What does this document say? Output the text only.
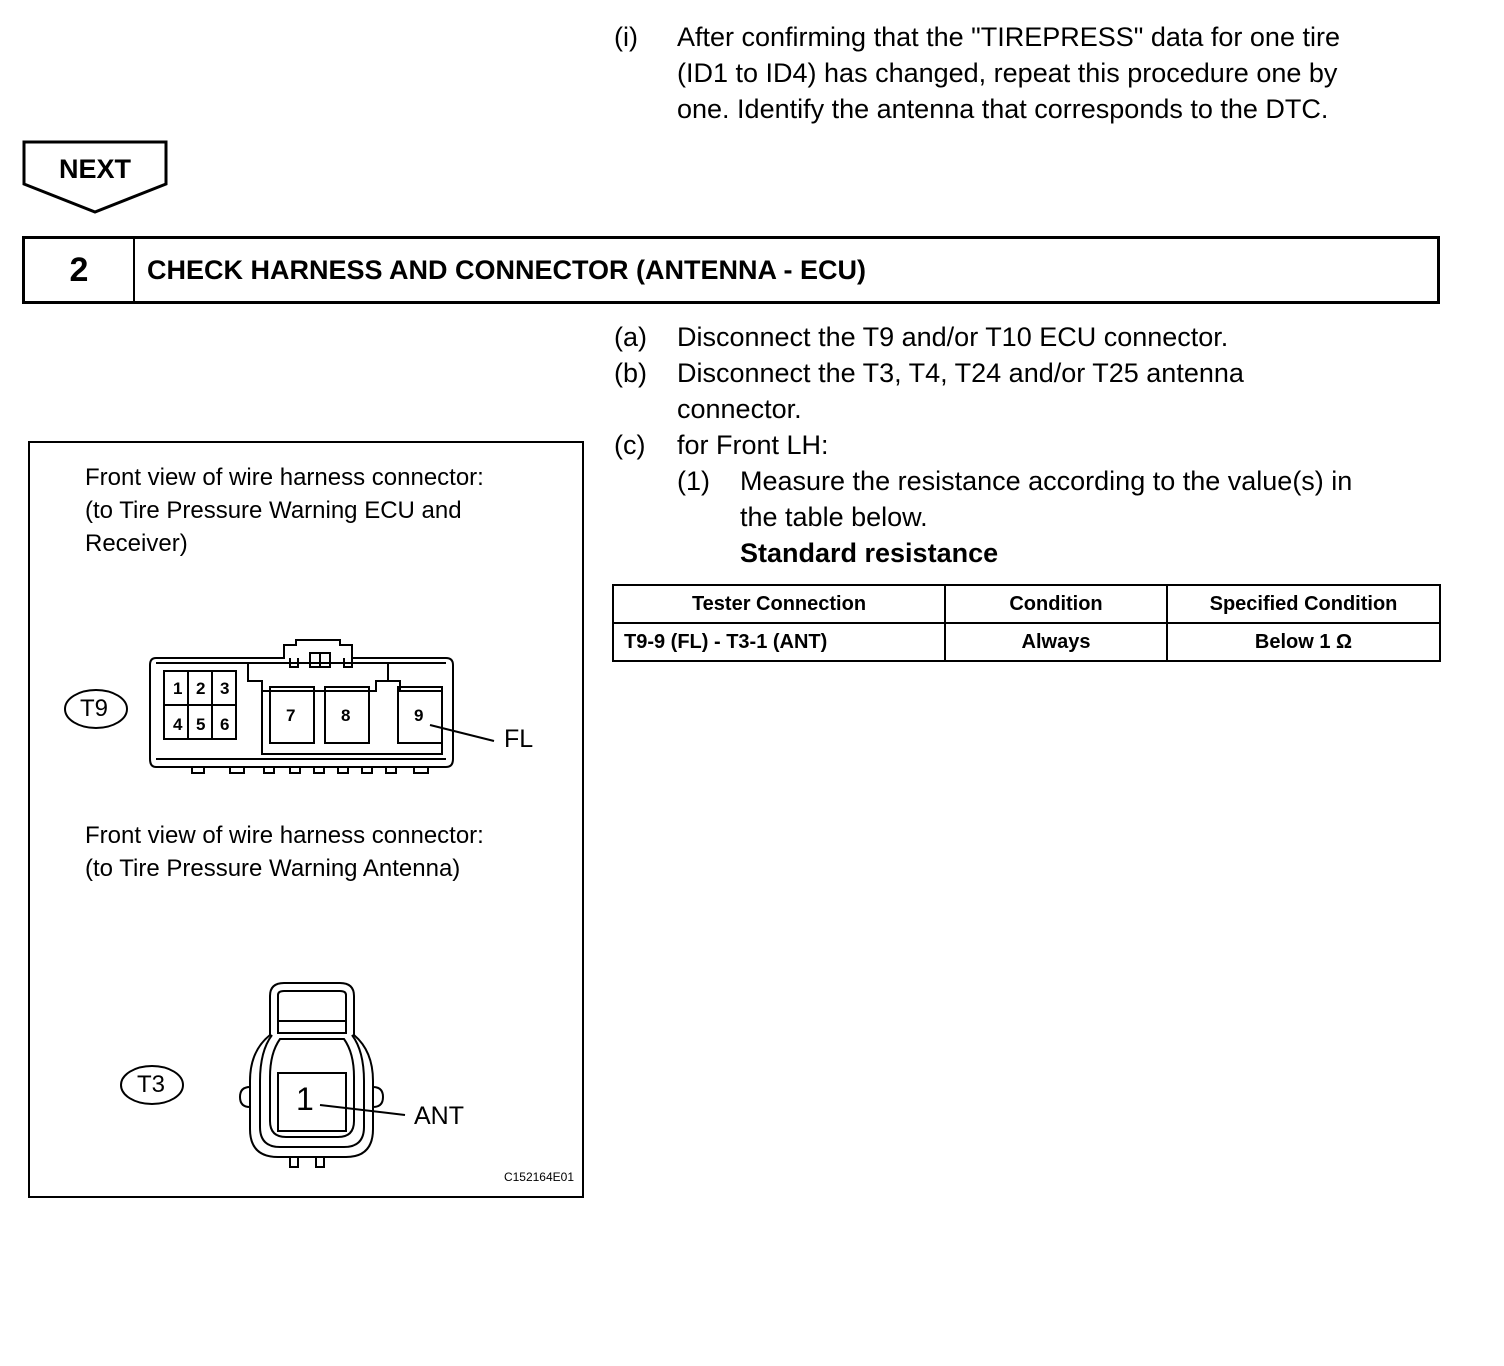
(i) After confirming that the "TIREPRESS" data for one tire
(ID1 to ID4) has changed, repeat this procedure one by
one. Identify the antenna that corresponds to the DTC.
NEXT
2	CHECK HARNESS AND CONNECTOR (ANTENNA - ECU)
(a) Disconnect the T9 and/or T10 ECU connector.
(b) Disconnect the T3, T4, T24 and/or T25 antenna
connector.
(c) for Front LH:
(1) Measure the resistance according to the value(s) in
the table below.
Standard resistance
Tester Connection	Condition	Specified Condition
T9-9 (FL) - T3-1 (ANT)	Always	Below 1 Ω
Front view of wire harness connector:
(to Tire Pressure Warning ECU and
Receiver)
T9
1 2 3
4 5 6	7	8	9
FL
Front view of wire harness connector:
(to Tire Pressure Warning Antenna)
T3	1	ANT
C152164E01
